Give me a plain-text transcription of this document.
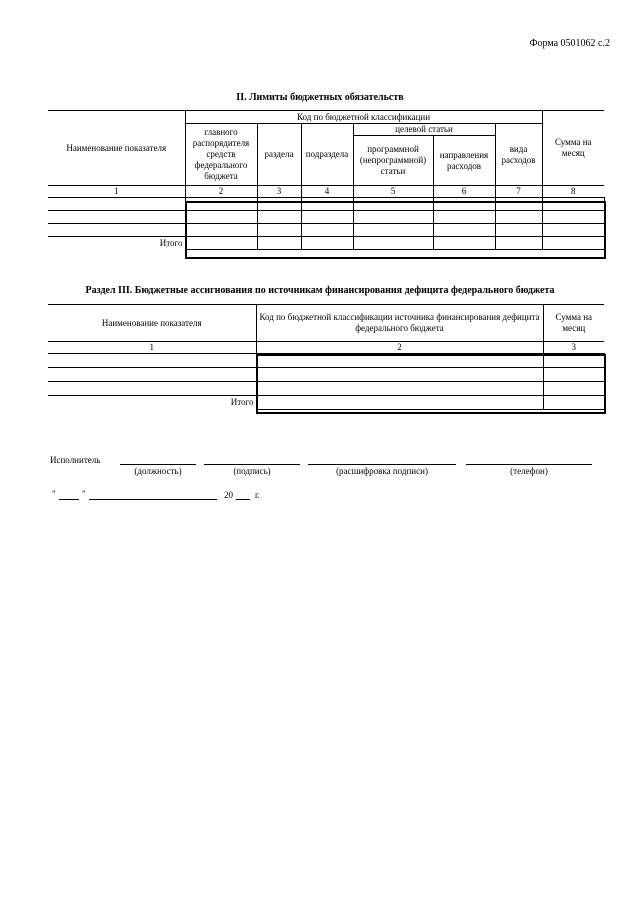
Форма 0501062 с.2
II. Лимиты бюджетных обязательств
Наименование показателя	Код по бюджетной классификации						Сумма на месяц
	главного распорядителя средств федерального бюджета	раздела	подраздела	целевой статьи		вида расходов	
				программной (непрограммной) статьи	направления расходов		
1	2	3	4	5	6	7	8

Итого							
Раздел III. Бюджетные ассигнования по источникам финансирования дефицита федерального бюджета
Наименование показателя	Код по бюджетной классификации источника финансирования дефицита федерального бюджета	Сумма на месяц
1	2	3

Итого		
Исполнитель
(должность)	(подпись)	(расшифровка подписи)	(телефон)
"	"	20 г.
